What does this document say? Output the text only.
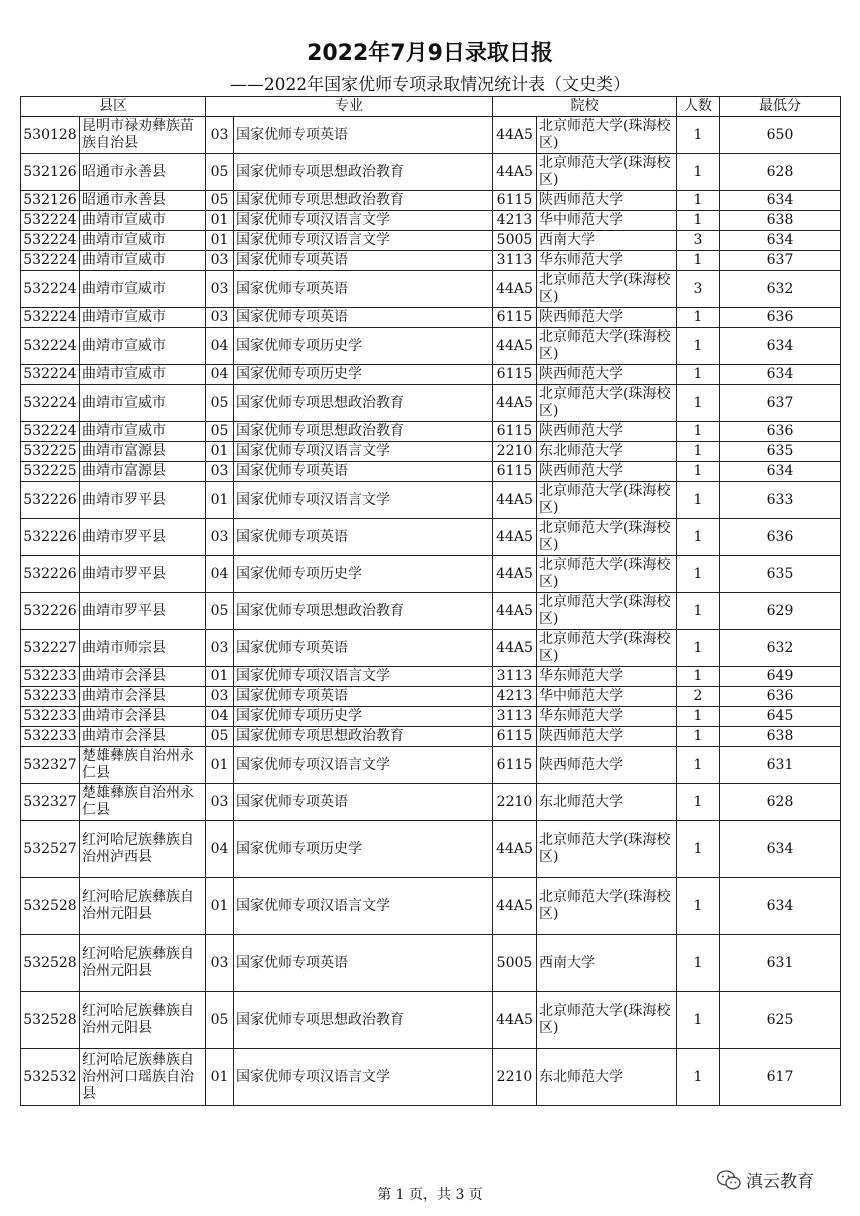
2022年7月9日录取日报
——2022年国家优师专项录取情况统计表（文史类）
县区		专业		院校		人数	最低分
530128	昆明市禄劝彝族苗族自治县	03	国家优师专项英语	44A5	北京师范大学(珠海校区)	1	650
532126	昭通市永善县	05	国家优师专项思想政治教育	44A5	北京师范大学(珠海校区)	1	628
532126	昭通市永善县	05	国家优师专项思想政治教育	6115	陕西师范大学	1	634
532224	曲靖市宣威市	01	国家优师专项汉语言文学	4213	华中师范大学	1	638
532224	曲靖市宣威市	01	国家优师专项汉语言文学	5005	西南大学	3	634
532224	曲靖市宣威市	03	国家优师专项英语	3113	华东师范大学	1	637
532224	曲靖市宣威市	03	国家优师专项英语	44A5	北京师范大学(珠海校区)	3	632
532224	曲靖市宣威市	03	国家优师专项英语	6115	陕西师范大学	1	636
532224	曲靖市宣威市	04	国家优师专项历史学	44A5	北京师范大学(珠海校区)	1	634
532224	曲靖市宣威市	04	国家优师专项历史学	6115	陕西师范大学	1	634
532224	曲靖市宣威市	05	国家优师专项思想政治教育	44A5	北京师范大学(珠海校区)	1	637
532224	曲靖市宣威市	05	国家优师专项思想政治教育	6115	陕西师范大学	1	636
532225	曲靖市富源县	01	国家优师专项汉语言文学	2210	东北师范大学	1	635
532225	曲靖市富源县	03	国家优师专项英语	6115	陕西师范大学	1	634
532226	曲靖市罗平县	01	国家优师专项汉语言文学	44A5	北京师范大学(珠海校区)	1	633
532226	曲靖市罗平县	03	国家优师专项英语	44A5	北京师范大学(珠海校区)	1	636
532226	曲靖市罗平县	04	国家优师专项历史学	44A5	北京师范大学(珠海校区)	1	635
532226	曲靖市罗平县	05	国家优师专项思想政治教育	44A5	北京师范大学(珠海校区)	1	629
532227	曲靖市师宗县	03	国家优师专项英语	44A5	北京师范大学(珠海校区)	1	632
532233	曲靖市会泽县	01	国家优师专项汉语言文学	3113	华东师范大学	1	649
532233	曲靖市会泽县	03	国家优师专项英语	4213	华中师范大学	2	636
532233	曲靖市会泽县	04	国家优师专项历史学	3113	华东师范大学	1	645
532233	曲靖市会泽县	05	国家优师专项思想政治教育	6115	陕西师范大学	1	638
532327	楚雄彝族自治州永仁县	01	国家优师专项汉语言文学	6115	陕西师范大学	1	631
532327	楚雄彝族自治州永仁县	03	国家优师专项英语	2210	东北师范大学	1	628
532527	红河哈尼族彝族自治州泸西县	04	国家优师专项历史学	44A5	北京师范大学(珠海校区)	1	634
532528	红河哈尼族彝族自治州元阳县	01	国家优师专项汉语言文学	44A5	北京师范大学(珠海校区)	1	634
532528	红河哈尼族彝族自治州元阳县	03	国家优师专项英语	5005	西南大学	1	631
532528	红河哈尼族彝族自治州元阳县	05	国家优师专项思想政治教育	44A5	北京师范大学(珠海校区)	1	625
532532	红河哈尼族彝族自治州河口瑶族自治县	01	国家优师专项汉语言文学	2210	东北师范大学	1	617
第 1 页，共 3 页
滇云教育
